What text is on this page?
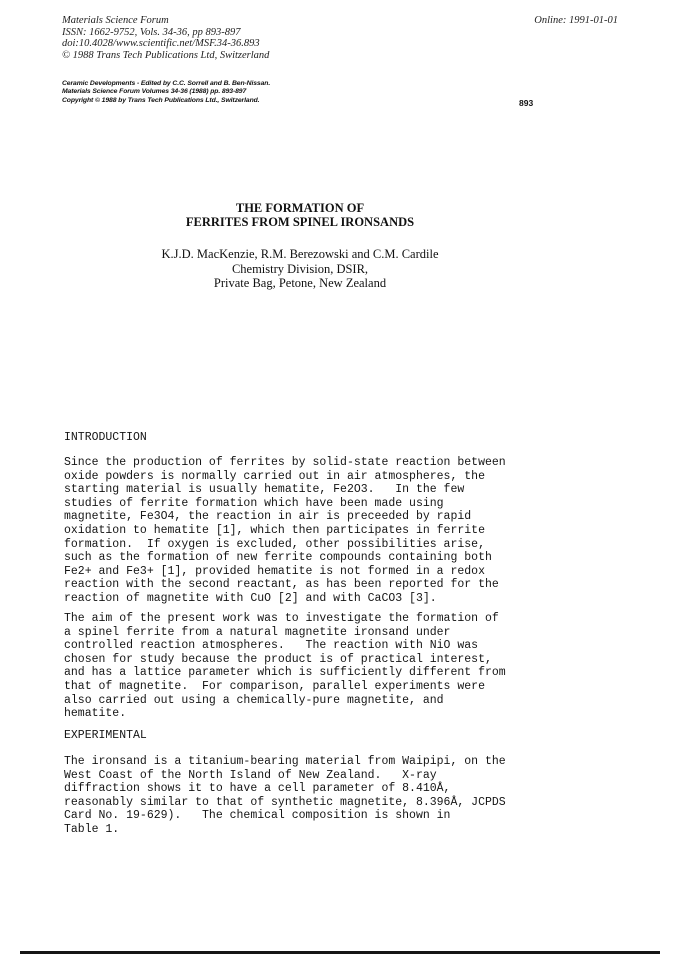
Materials Science Forum
ISSN: 1662-9752, Vols. 34-36, pp 893-897
doi:10.4028/www.scientific.net/MSF.34-36.893
© 1988 Trans Tech Publications Ltd, Switzerland
Online: 1991-01-01
Ceramic Developments - Edited by C.C. Sorrell and B. Ben-Nissan.
Materials Science Forum Volumes 34-36 (1988) pp. 893-897
Copyright © 1988 by Trans Tech Publications Ltd., Switzerland.	893
THE FORMATION OF
FERRITES FROM SPINEL IRONSANDS
K.J.D. MacKenzie, R.M. Berezowski and C.M. Cardile
Chemistry Division, DSIR,
Private Bag, Petone, New Zealand
INTRODUCTION
Since the production of ferrites by solid-state reaction between
oxide powders is normally carried out in air atmospheres, the
starting material is usually hematite, Fe2O3.   In the few
studies of ferrite formation which have been made using
magnetite, Fe3O4, the reaction in air is preceeded by rapid
oxidation to hematite [1], which then participates in ferrite
formation.  If oxygen is excluded, other possibilities arise,
such as the formation of new ferrite compounds containing both
Fe2+ and Fe3+ [1], provided hematite is not formed in a redox
reaction with the second reactant, as has been reported for the
reaction of magnetite with CuO [2] and with CaCO3 [3].
The aim of the present work was to investigate the formation of
a spinel ferrite from a natural magnetite ironsand under
controlled reaction atmospheres.   The reaction with NiO was
chosen for study because the product is of practical interest,
and has a lattice parameter which is sufficiently different from
that of magnetite.  For comparison, parallel experiments were
also carried out using a chemically-pure magnetite, and
hematite.
EXPERIMENTAL
The ironsand is a titanium-bearing material from Waipipi, on the
West Coast of the North Island of New Zealand.   X-ray
diffraction shows it to have a cell parameter of 8.410Å,
reasonably similar to that of synthetic magnetite, 8.396Å, JCPDS
Card No. 19-629).   The chemical composition is shown in
Table 1.
